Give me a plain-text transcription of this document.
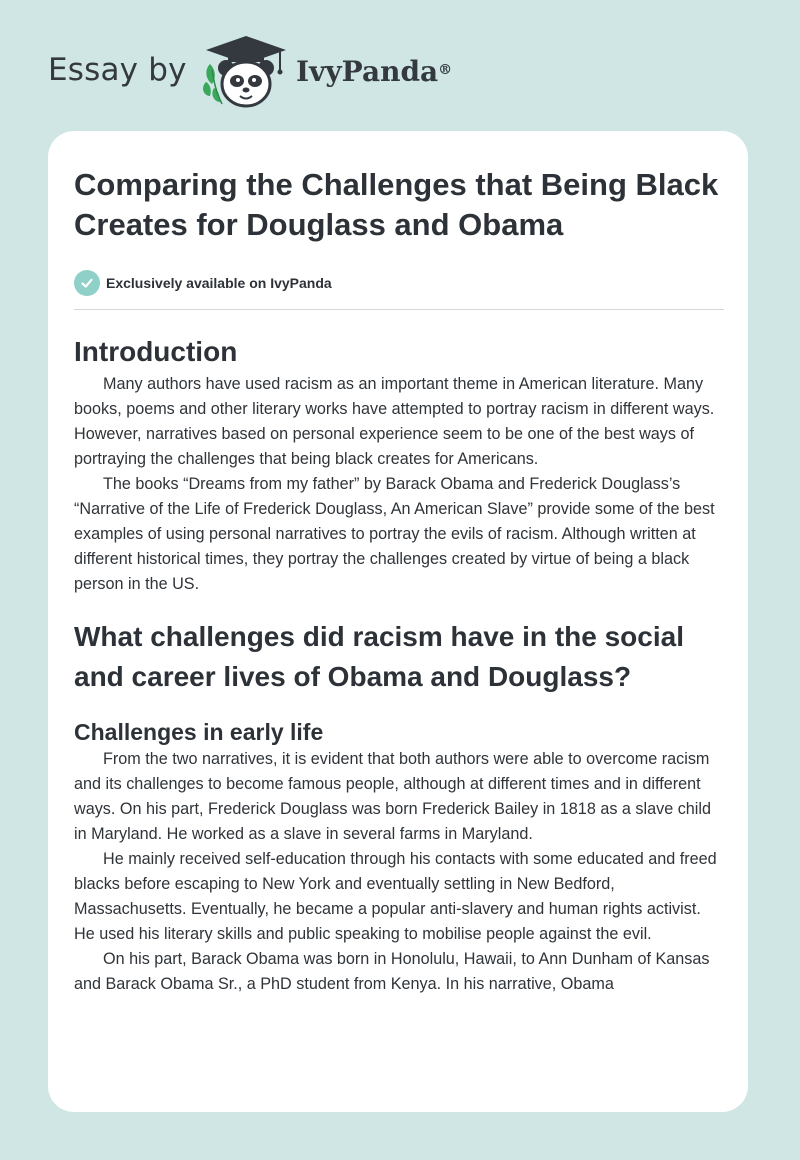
Essay by	IvyPanda®
Comparing the Challenges that Being Black Creates for Douglass and Obama
Exclusively available on IvyPanda
Introduction

Many authors have used racism as an important theme in American literature. Many books, poems and other literary works have attempted to portray racism in different ways. However, narratives based on personal experience seem to be one of the best ways of portraying the challenges that being black creates for Americans.

The books “Dreams from my father” by Barack Obama and Frederick Douglass’s “Narrative of the Life of Frederick Douglass, An American Slave” provide some of the best examples of using personal narratives to portray the evils of racism. Although written at different historical times, they portray the challenges created by virtue of being a black person in the US.

What challenges did racism have in the social and career lives of Obama and Douglass?
Challenges in early life

From the two narratives, it is evident that both authors were able to overcome racism and its challenges to become famous people, although at different times and in different ways. On his part, Frederick Douglass was born Frederick Bailey in 1818 as a slave child in Maryland. He worked as a slave in several farms in Maryland.

He mainly received self-education through his contacts with some educated and freed blacks before escaping to New York and eventually settling in New Bedford, Massachusetts. Eventually, he became a popular anti-slavery and human rights activist. He used his literary skills and public speaking to mobilise people against the evil.

On his part, Barack Obama was born in Honolulu, Hawaii, to Ann Dunham of Kansas and Barack Obama Sr., a PhD student from Kenya. In his narrative, Obama
